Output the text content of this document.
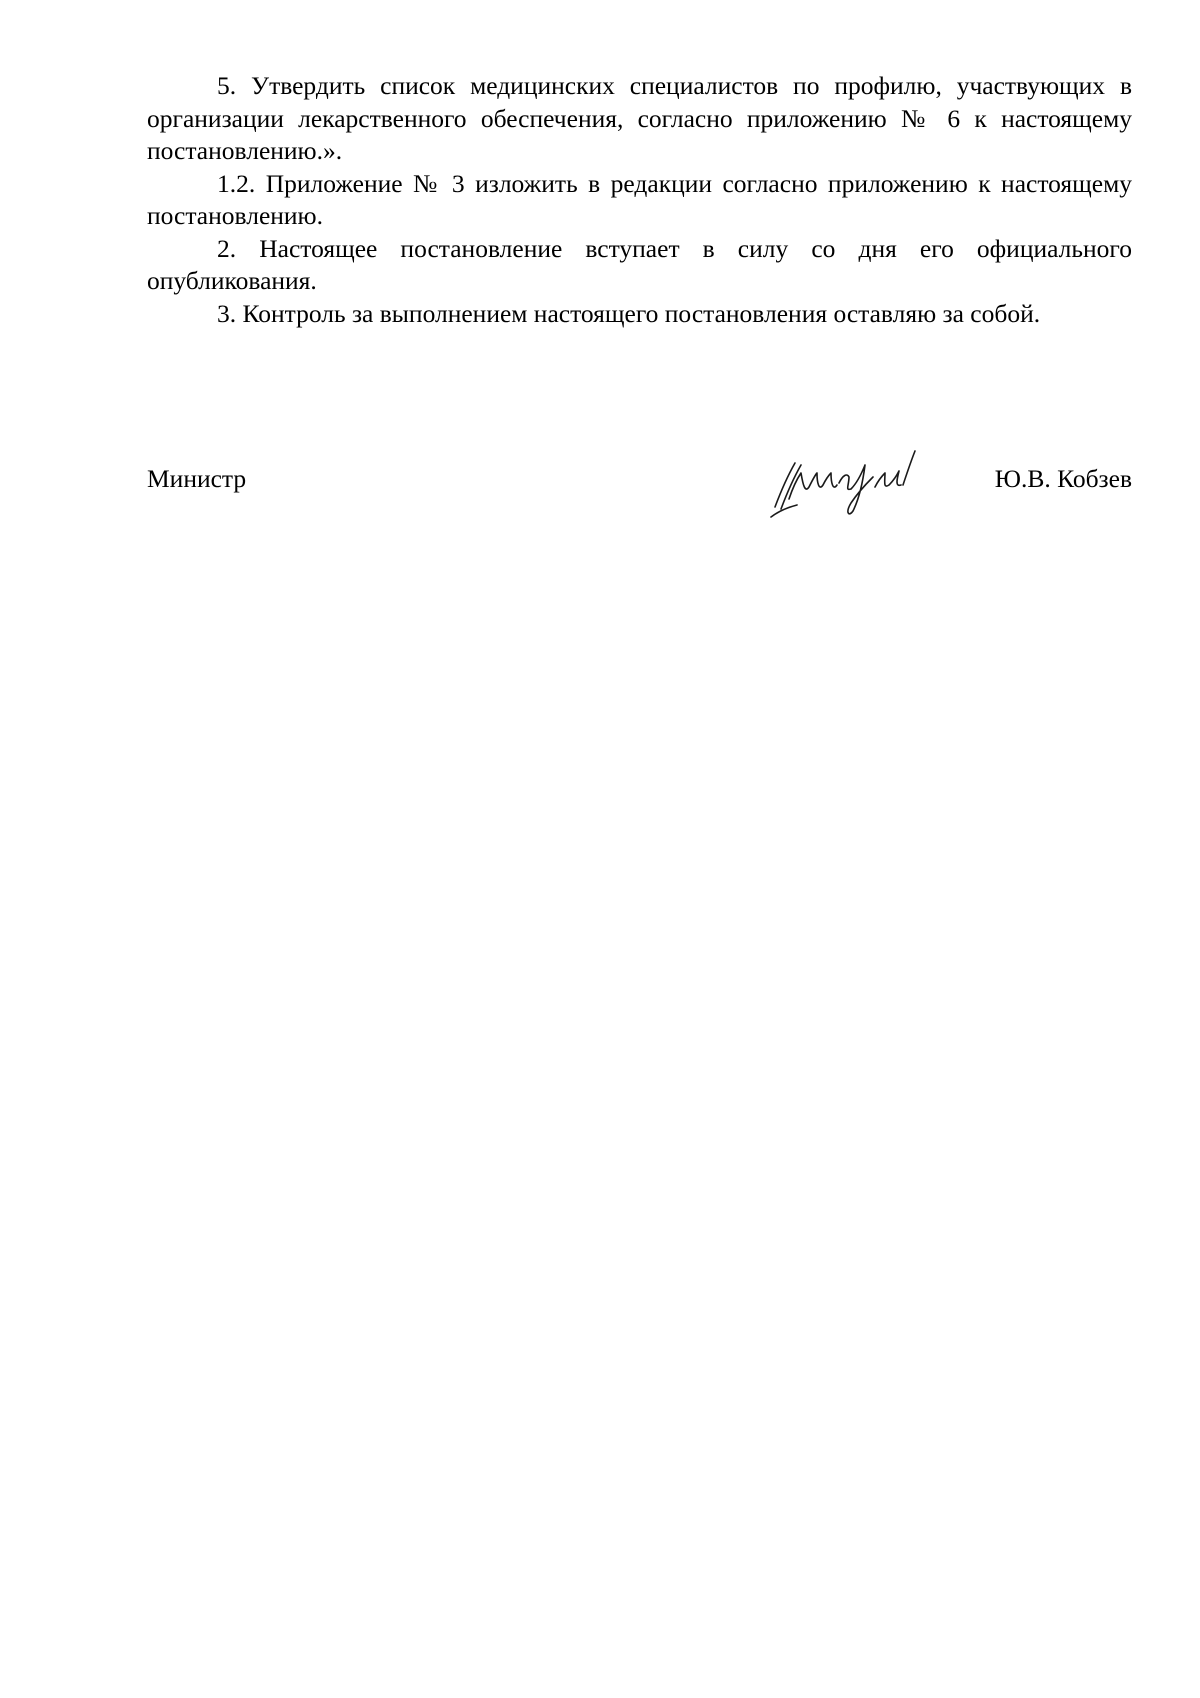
5. Утвердить список медицинских специалистов по профилю, участвующих в организации лекарственного обеспечения, согласно приложению № 6 к настоящему постановлению.».

1.2. Приложение № 3 изложить в редакции согласно приложению к настоящему постановлению.

2. Настоящее постановление вступает в силу со дня его официального опубликования.

3. Контроль за выполнением настоящего постановления оставляю за собой.

Министр	Ю.В. Кобзев
